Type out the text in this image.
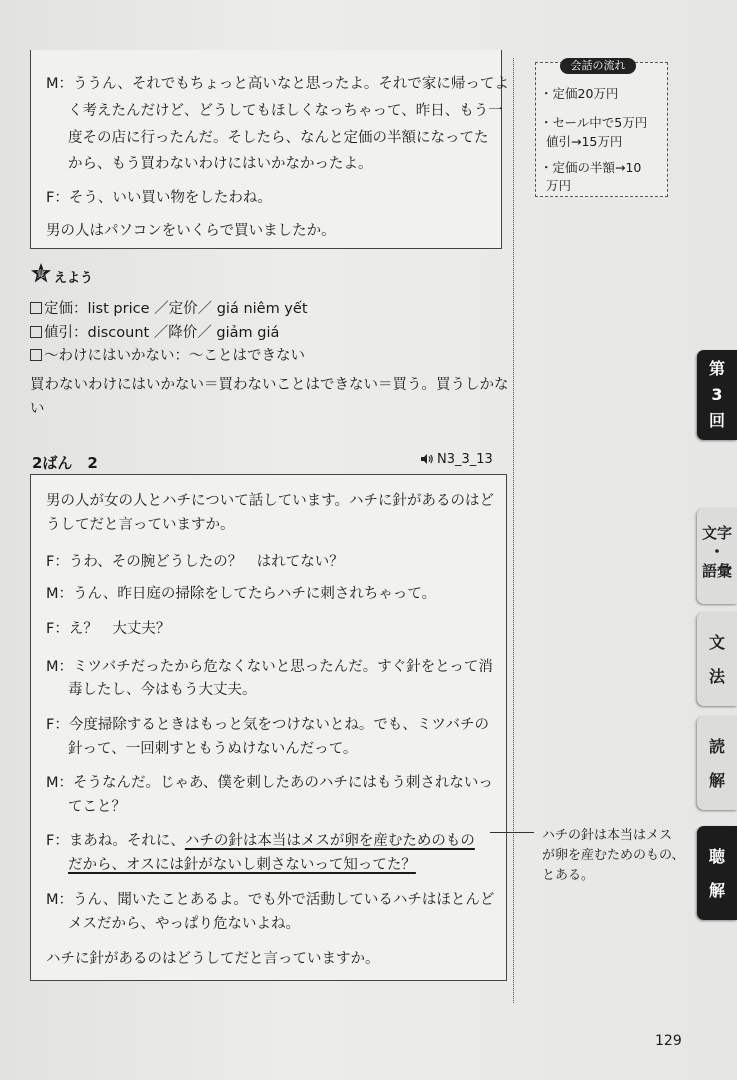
M：ううん、それでもちょっと高いなと思ったよ。それで家に帰ってよ
く考えたんだけど、どうしてもほしくなっちゃって、昨日、もう一
度その店に行ったんだ。そしたら、なんと定価の半額になってた
から、もう買わないわけにはいかなかったよ。
F：そう、いい買い物をしたわね。
男の人はパソコンをいくらで買いましたか。
会話の流れ
・定価20万円
・セール中で5万円
値引→15万円
・定価の半額→10
万円
覚 えよう
定価：list price ／定价／ giá niêm yết
値引：discount ／降价／ giảm giá
〜わけにはいかない：〜ことはできない
買わないわけにはいかない＝買わないことはできない＝買う。買うしかな
い
2ばん　2	N3_3_13
男の人が女の人とハチについて話しています。ハチに針があるのはど
うしてだと言っていますか。
F：うわ、その腕どうしたの？　はれてない？
M：うん、昨日庭の掃除をしてたらハチに刺されちゃって。
F：え？　大丈夫？
M：ミツバチだったから危なくないと思ったんだ。すぐ針をとって消
毒したし、今はもう大丈夫。
F：今度掃除するときはもっと気をつけないとね。でも、ミツバチの
針って、一回刺すともうぬけないんだって。
M：そうなんだ。じゃあ、僕を刺したあのハチにはもう刺されないっ
てこと？
F：まあね。それに、ハチの針は本当はメスが卵を産むためのもの
だから、オスには針がないし刺さないって知ってた？
M：うん、聞いたことあるよ。でも外で活動しているハチはほとんど
メスだから、やっぱり危ないよね。
ハチに針があるのはどうしてだと言っていますか。
ハチの針は本当はメス
が卵を産むためのもの、
とある。
第
3
回
文字
・
語彙
文
法
読
解
聴
解
129
